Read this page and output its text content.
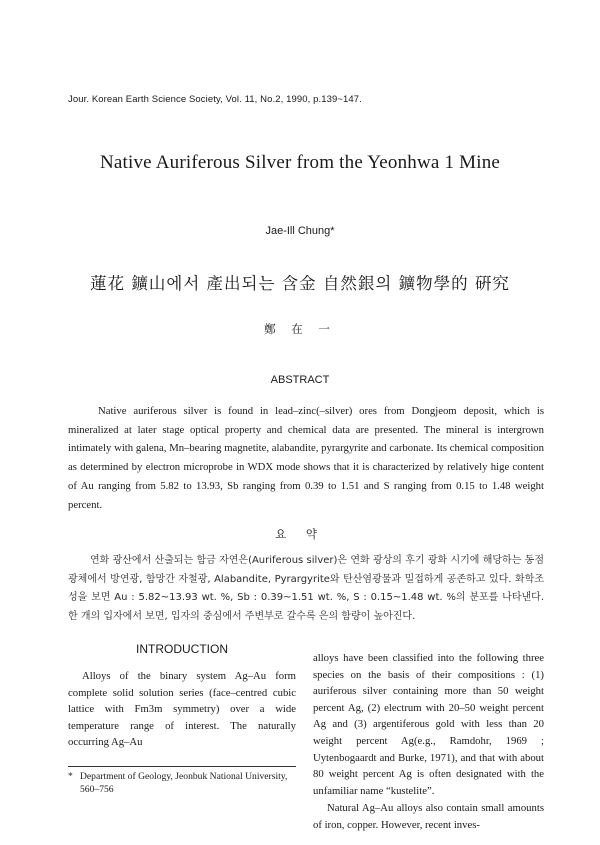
Jour. Korean Earth Science Society, Vol. 11, No.2, 1990, p.139~147.
Native Auriferous Silver from the Yeonhwa 1 Mine
Jae-Ill Chung*
蓮花 鑛山에서 產出되는 含金 自然銀의 鑛物學的 硏究
鄭 在 一
ABSTRACT
Native auriferous silver is found in lead–zinc(–silver) ores from Dongjeom deposit, which is mineralized at later stage optical property and chemical data are presented. The mineral is intergrown intimately with galena, Mn–bearing magnetite, alabandite, pyrargyrite and carbonate. Its chemical composition as determined by electron microprobe in WDX mode shows that it is characterized by relatively hige content of Au ranging from 5.82 to 13.93, Sb ranging from 0.39 to 1.51 and S ranging from 0.15 to 1.48 weight percent.
요 약
연화 광산에서 산출되는 함금 자연은(Auriferous silver)은 연화 광상의 후기 광화 시기에 해당하는 동점광체에서 방연광, 함망간 자철광, Alabandite, Pyrargyrite와 탄산염광물과 밀접하게 공존하고 있다. 화학조성을 보면 Au : 5.82~13.93 wt. %, Sb : 0.39~1.51 wt. %, S : 0.15~1.48 wt. %의 분포를 나타낸다. 한 개의 입자에서 보면, 입자의 중심에서 주변부로 갈수록 은의 함량이 높아진다.
INTRODUCTION
Alloys of the binary system Ag–Au form complete solid solution series (face–centred cubic lattice with Fm3m symmetry) over a wide temperature range of interest. The naturally occurring Ag–Au

alloys have been classified into the following three species on the basis of their compositions : (1) auriferous silver containing more than 50 weight percent Ag, (2) electrum with 20–50 weight percent Ag and (3) argentiferous gold with less than 20 weight percent Ag(e.g., Ramdohr, 1969 ; Uytenbogaardt and Burke, 1971), and that with about 80 weight percent Ag is often designated with the unfamiliar name “kustelite”.

Natural Ag–Au alloys also contain small amounts of iron, copper. However, recent inves-

* Department of Geology, Jeonbuk National University,
560–756
